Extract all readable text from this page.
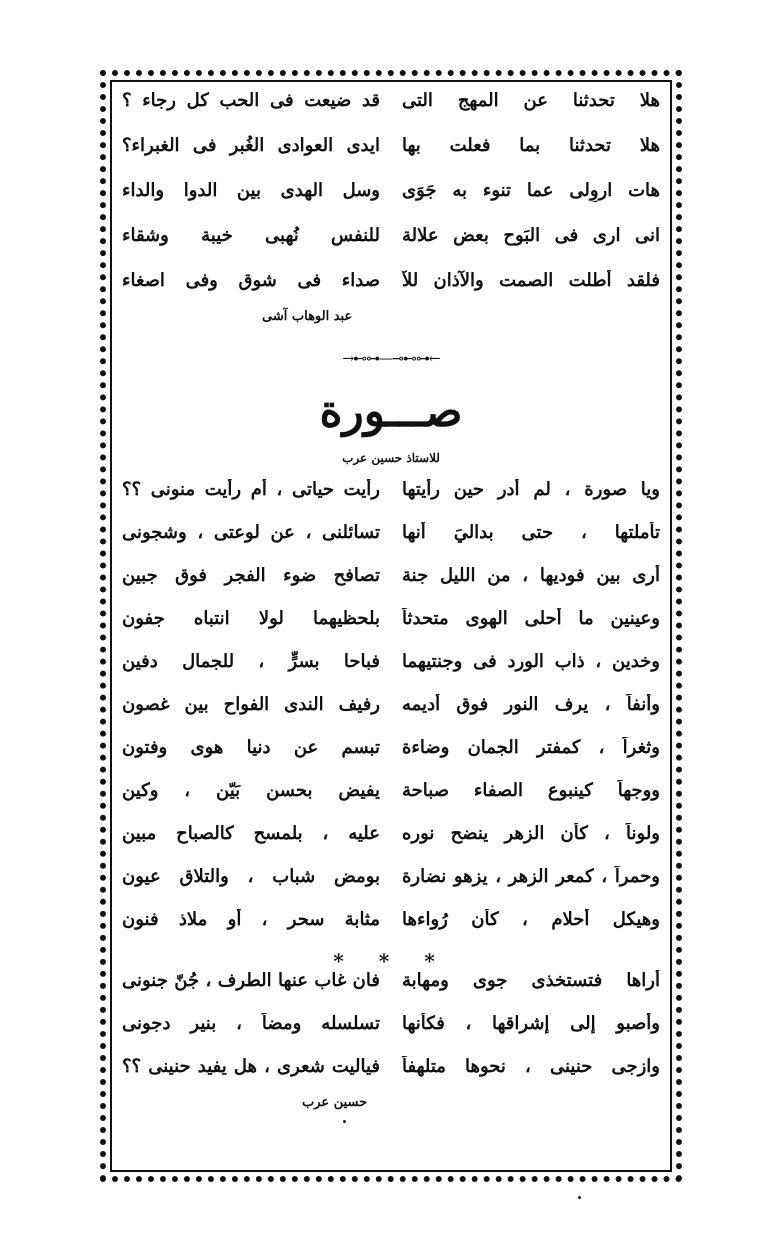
هلا تحدثنا عن المهج التى
قد ضيعت فى الحب كل رجاء ؟
هلا تحدثنا بما فعلت بها
ايدى العوادى الغُبر فى الغبراء؟
هات اروِلى عما تنوء به جَوَى
وسل الهدى بين الدوا والداء
انى ارى فى البَوح بعض علالة
للنفس نُهبى خيبة وشقاء
فلقد أطلت الصمت والآذان للآ
صداء فى شوق وفى اصغاء
عبد الوهاب آشى
→⊷⊶—⊸⊷⊶←
صـــورة
للاستاذ حسين عرب
ويا صورة ، لم أدر حين رأيتها
رأيت حياتى ، أم رأيت منونى ؟؟
تأملتها ، حتى بداليَ أنها
تسائلنى ، عن لوعتى ، وشجونى
أرى بين فوديها ، من الليل جنة
تصافح ضوء الفجر فوق جبين
وعينين ما أحلى الهوى متحدثاً
بلحظيهما لولا انتباه جفون
وخدين ، ذاب الورد فى وجنتيهما
فباحا بسرٍّ ، للجمال دفين
وأنفاً ، يرف النور فوق أديمه
رفيف الندى الفواح بين غصون
وثغراً ، كمفتر الجمان وضاءة
تبسم عن دنيا هوى وفتون
ووجهاً كينبوع الصفاء صباحة
يفيض بحسن بَيّن ، وكين
ولوناً ، كأن الزهر ينضح نوره
عليه ، بلمسح كالصباح مبين
وحمراً ، كمعر الزهر ، يزهو نضارة
بومض شباب ، والتلاق عيون
وهيكل أحلام ، كأن رُواءها
مثابة سحر ، أو ملاذ فنون
* * *
أراها فتستخذى جوى ومهابة
فان غاب عنها الطرف ، جُنّ جنونى
وأصبو إلى إشراقها ، فكأنها
تسلسله ومضاً ، بنير دجونى
وازجى حنينى ، نحوها متلهفاً
فياليت شعرى ، هل يفيد حنينى ؟؟
حسين عرب
